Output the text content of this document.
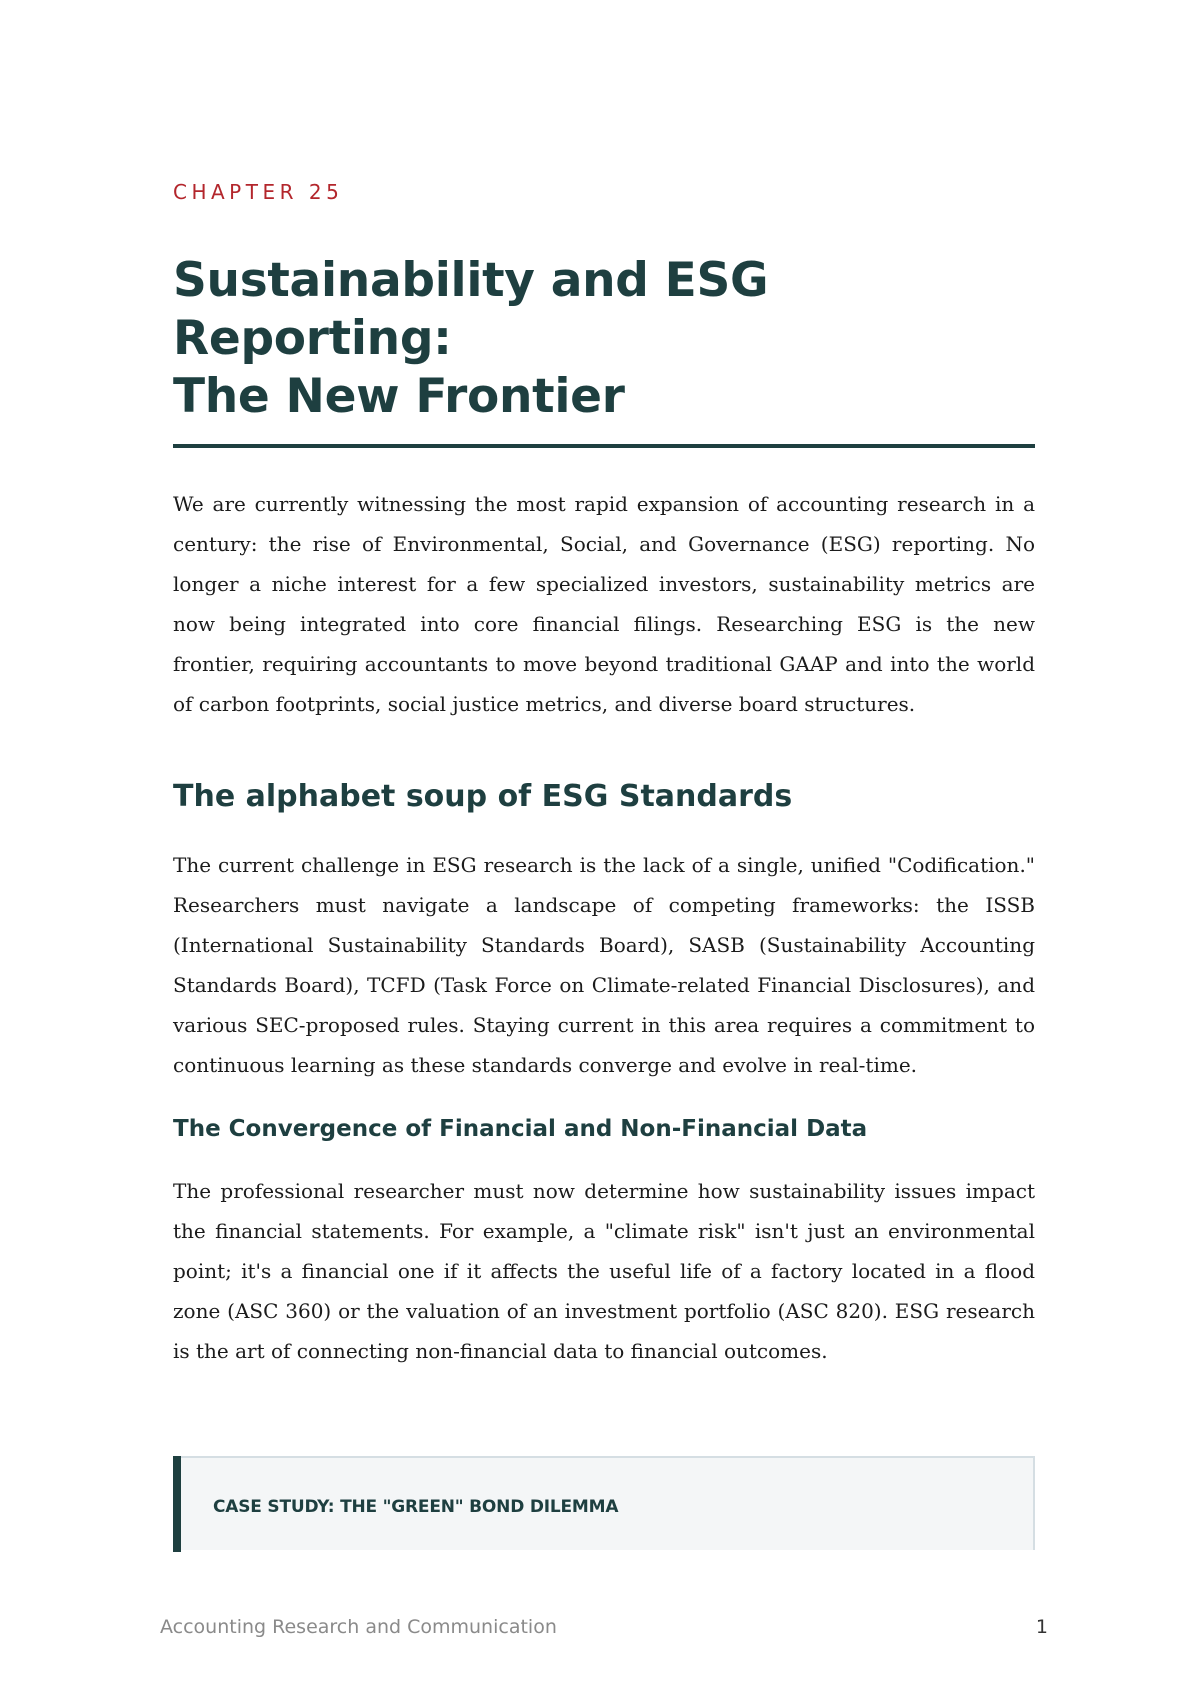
CHAPTER 25

Sustainability and ESG Reporting:
The New Frontier

We are currently witnessing the most rapid expansion of accounting research in a century: the rise of Environmental, Social, and Governance (ESG) reporting. No longer a niche interest for a few specialized investors, sustainability metrics are now being integrated into core financial filings. Researching ESG is the new frontier, requiring accountants to move beyond traditional GAAP and into the world of carbon footprints, social justice metrics, and diverse board structures.

The alphabet soup of ESG Standards

The current challenge in ESG research is the lack of a single, unified "Codification." Researchers must navigate a landscape of competing frameworks: the ISSB (International Sustainability Standards Board), SASB (Sustainability Accounting Standards Board), TCFD (Task Force on Climate-related Financial Disclosures), and various SEC-proposed rules. Staying current in this area requires a commitment to continuous learning as these standards converge and evolve in real-time.

The Convergence of Financial and Non-Financial Data

The professional researcher must now determine how sustainability issues impact the financial statements. For example, a "climate risk" isn't just an environmental point; it's a financial one if it affects the useful life of a factory located in a flood zone (ASC 360) or the valuation of an investment portfolio (ASC 820). ESG research is the art of connecting non-financial data to financial outcomes.

CASE STUDY: THE "GREEN" BOND DILEMMA

Accounting Research and Communication	1
